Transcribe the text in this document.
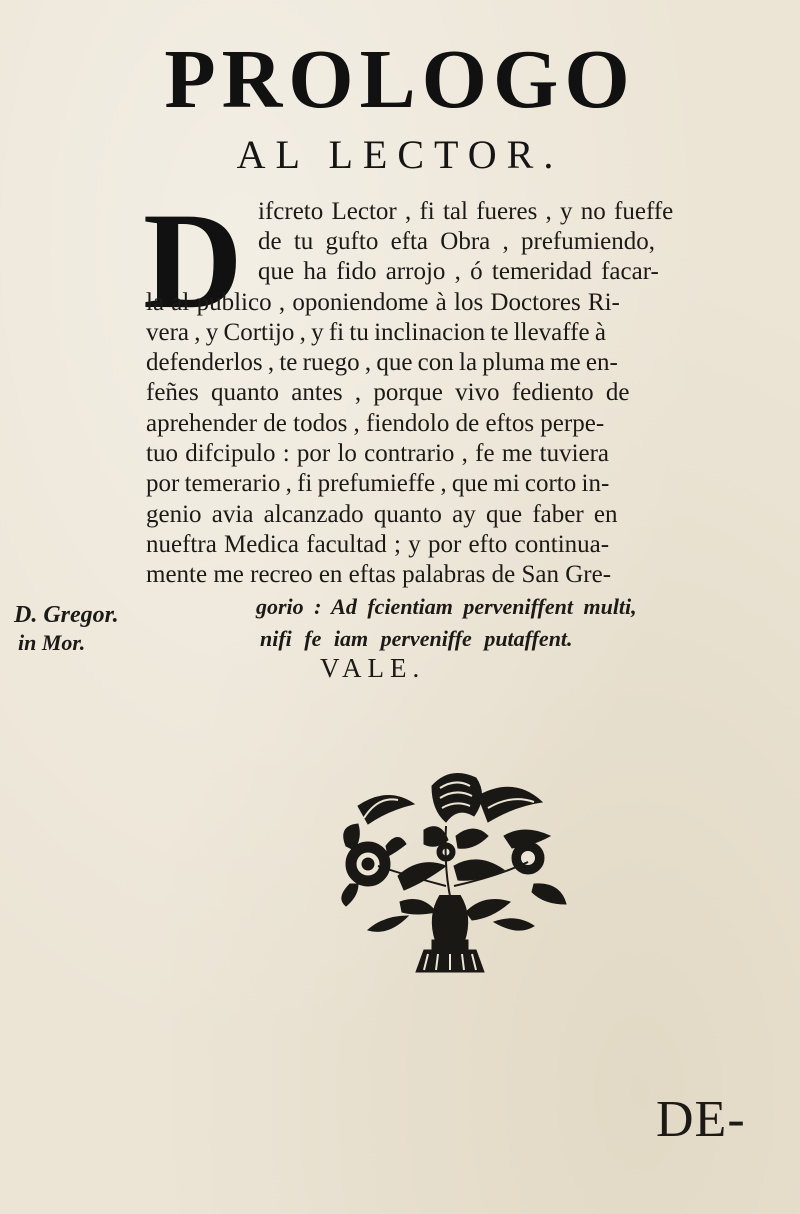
PROLOGO
AL LECTOR.
D ifcreto Lector , fi tal fueres , y no fueffe
de tu gufto efta Obra , prefumiendo,
que ha fido arrojo , ó temeridad facar-
la al publico , oponiendome à los Doctores Ri-
vera , y Cortijo , y fi tu inclinacion te llevaffe à
defenderlos , te ruego , que con la pluma me en-
feñes quanto antes , porque vivo fediento de
aprehender de todos , fiendolo de eftos perpe-
tuo difcipulo : por lo contrario , fe me tuviera
por temerario , fi prefumieffe , que mi corto in-
genio avia alcanzado quanto ay que faber en
nueftra Medica facultad ; y por efto continua-
mente me recreo en eftas palabras de San Gre-
gorio : Ad fcientiam perveniffent multi,
nifi fe iam perveniffe putaffent.
VALE.
D. Gregor.
in Mor.
DE-
